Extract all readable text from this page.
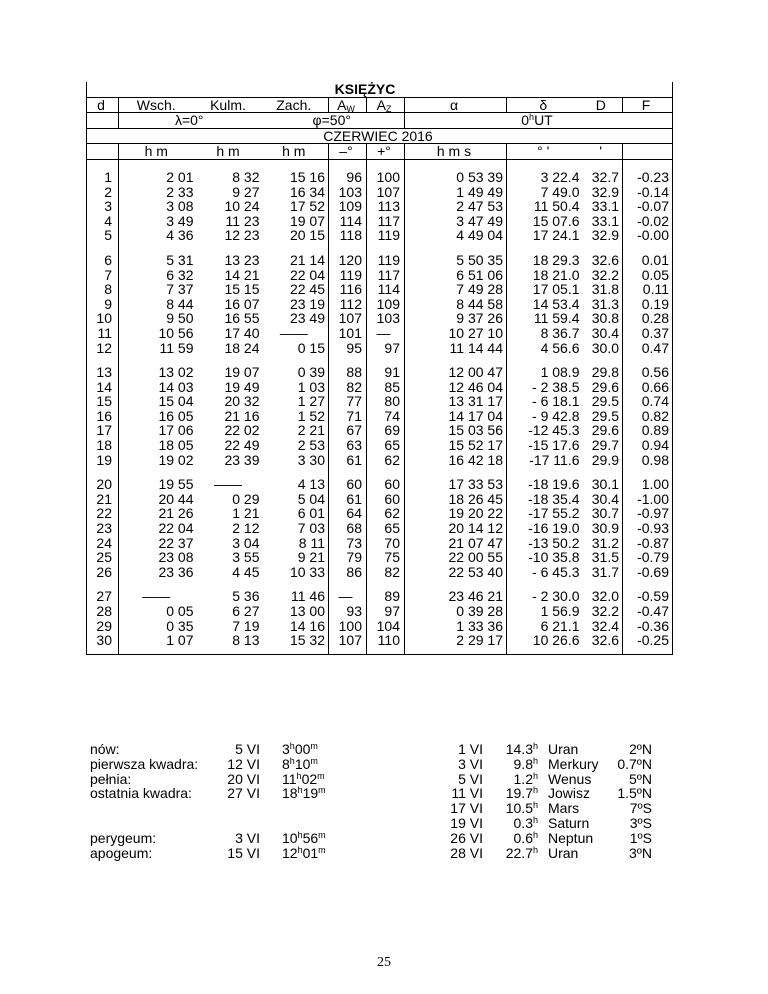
				KSIĘŻYC					
d	Wsch.	Kulm.	Zach.	$A_W$	$A_Z$	α	δ	D	F
	λ=0°		φ=50°			0$^h$UT			
CZERWIEC 2016									
	h m	h m	h m	–°	+°	h m s	° '	'	

1	2 01	8 32	15 16	96	100	0 53 39	3 22.4	32.7	-0.23
2	2 33	9 27	16 34	103	107	1 49 49	7 49.0	32.9	-0.14
3	3 08	10 24	17 52	109	113	2 47 53	11 50.4	33.1	-0.07
4	3 49	11 23	19 07	114	117	3 47 49	15 07.6	33.1	-0.02
5	4 36	12 23	20 15	118	119	4 49 04	17 24.1	32.9	-0.00

6	5 31	13 23	21 14	120	119	5 50 35	18 29.3	32.6	0.01
7	6 32	14 21	22 04	119	117	6 51 06	18 21.0	32.2	0.05
8	7 37	15 15	22 45	116	114	7 49 28	17 05.1	31.8	0.11
9	8 44	16 07	23 19	112	109	8 44 58	14 53.4	31.3	0.19
10	9 50	16 55	23 49	107	103	9 37 26	11 59.4	30.8	0.28
11	10 56	17 40	——	101	—	10 27 10	8 36.7	30.4	0.37
12	11 59	18 24	0 15	95	97	11 14 44	4 56.6	30.0	0.47

13	13 02	19 07	0 39	88	91	12 00 47	1 08.9	29.8	0.56
14	14 03	19 49	1 03	82	85	12 46 04	- 2 38.5	29.6	0.66
15	15 04	20 32	1 27	77	80	13 31 17	- 6 18.1	29.5	0.74
16	16 05	21 16	1 52	71	74	14 17 04	- 9 42.8	29.5	0.82
17	17 06	22 02	2 21	67	69	15 03 56	-12 45.3	29.6	0.89
18	18 05	22 49	2 53	63	65	15 52 17	-15 17.6	29.7	0.94
19	19 02	23 39	3 30	61	62	16 42 18	-17 11.6	29.9	0.98

20	19 55	——	4 13	60	60	17 33 53	-18 19.6	30.1	1.00
21	20 44	0 29	5 04	61	60	18 26 45	-18 35.4	30.4	-1.00
22	21 26	1 21	6 01	64	62	19 20 22	-17 55.2	30.7	-0.97
23	22 04	2 12	7 03	68	65	20 14 12	-16 19.0	30.9	-0.93
24	22 37	3 04	8 11	73	70	21 07 47	-13 50.2	31.2	-0.87
25	23 08	3 55	9 21	79	75	22 00 55	-10 35.8	31.5	-0.79
26	23 36	4 45	10 33	86	82	22 53 40	- 6 45.3	31.7	-0.69

27	——	5 36	11 46	—	89	23 46 21	- 2 30.0	32.0	-0.59
28	0 05	6 27	13 00	93	97	0 39 28	1 56.9	32.2	-0.47
29	0 35	7 19	14 16	100	104	1 33 36	6 21.1	32.4	-0.36
30	1 07	8 13	15 32	107	110	2 29 17	10 26.6	32.6	-0.25

nów:	5 VI 3$^h$00$^m$
pierwsza kwadra: 12 VI 8$^h$10$^m$
pełnia:	20 VI 11$^h$02$^m$
ostatnia kwadra:	27 VI 18$^h$19$^m$
perygeum:	3 VI 10$^h$56$^m$
apogeum:	15 VI 12$^h$01$^m$
1 VI 14.3$^h$ Uran	2ºN
3 VI 9.8$^h$ Merkury 0.7ºN
5 VI 1.2$^h$ Wenus	5ºN
11 VI 19.7$^h$ Jowisz 1.5ºN
17 VI 10.5$^h$ Mars	7ºS
19 VI 0.3$^h$ Saturn	3ºS
26 VI 0.6$^h$ Neptun	1ºS
28 VI 22.7$^h$ Uran	3ºN
25
